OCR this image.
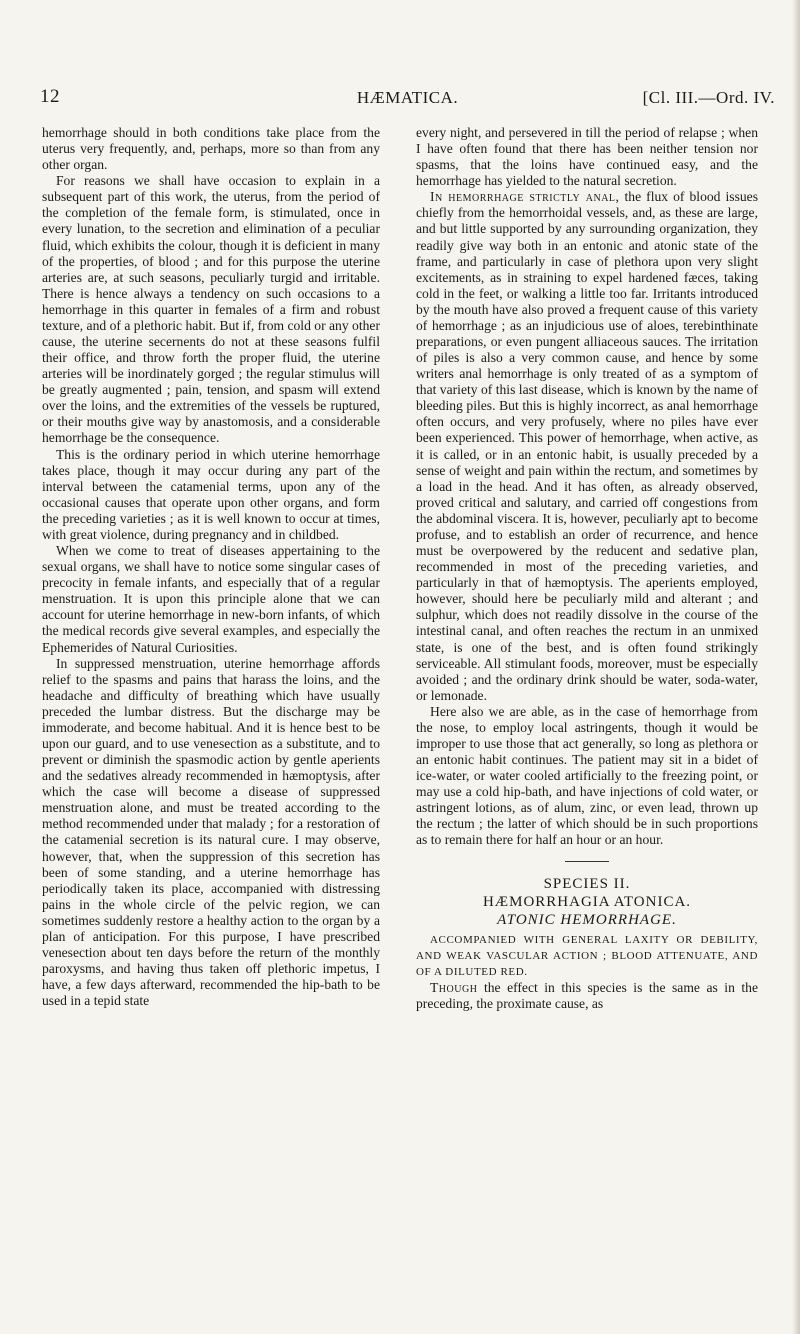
12	HÆMATICA.	[Cl. III.—Ord. IV.

hemorrhage should in both conditions take place from the uterus very frequently, and, perhaps, more so than from any other organ.

For reasons we shall have occasion to explain in a subsequent part of this work, the uterus, from the period of the completion of the female form, is stimulated, once in every lunation, to the secretion and elimination of a peculiar fluid, which exhibits the colour, though it is deficient in many of the properties, of blood ; and for this purpose the uterine arteries are, at such seasons, peculiarly turgid and irritable. There is hence always a tendency on such occasions to a hemorrhage in this quarter in females of a firm and robust texture, and of a plethoric habit. But if, from cold or any other cause, the uterine secernents do not at these seasons fulfil their office, and throw forth the proper fluid, the uterine arteries will be inordinately gorged ; the regular stimulus will be greatly augmented ; pain, tension, and spasm will extend over the loins, and the extremities of the vessels be ruptured, or their mouths give way by anastomosis, and a considerable hemorrhage be the consequence.

This is the ordinary period in which uterine hemorrhage takes place, though it may occur during any part of the interval between the catamenial terms, upon any of the occasional causes that operate upon other organs, and form the preceding varieties ; as it is well known to occur at times, with great violence, during pregnancy and in childbed.

When we come to treat of diseases appertaining to the sexual organs, we shall have to notice some singular cases of precocity in female infants, and especially that of a regular menstruation. It is upon this principle alone that we can account for uterine hemorrhage in new-born infants, of which the medical records give several examples, and especially the Ephemerides of Natural Curiosities.

In suppressed menstruation, uterine hemorrhage affords relief to the spasms and pains that harass the loins, and the headache and difficulty of breathing which have usually preceded the lumbar distress. But the discharge may be immoderate, and become habitual. And it is hence best to be upon our guard, and to use venesection as a substitute, and to prevent or diminish the spasmodic action by gentle aperients and the sedatives already recommended in hæmoptysis, after which the case will become a disease of suppressed menstruation alone, and must be treated according to the method recommended under that malady ; for a restoration of the catamenial secretion is its natural cure. I may observe, however, that, when the suppression of this secretion has been of some standing, and a uterine hemorrhage has periodically taken its place, accompanied with distressing pains in the whole circle of the pelvic region, we can sometimes suddenly restore a healthy action to the organ by a plan of anticipation. For this purpose, I have prescribed venesection about ten days before the return of the monthly paroxysms, and having thus taken off plethoric impetus, I have, a few days afterward, recommended the hip-bath to be used in a tepid state

every night, and persevered in till the period of relapse ; when I have often found that there has been neither tension nor spasms, that the loins have continued easy, and the hemorrhage has yielded to the natural secretion.

In hemorrhage strictly anal, the flux of blood issues chiefly from the hemorrhoidal vessels, and, as these are large, and but little supported by any surrounding organization, they readily give way both in an entonic and atonic state of the frame, and particularly in case of plethora upon very slight excitements, as in straining to expel hardened fæces, taking cold in the feet, or walking a little too far. Irritants introduced by the mouth have also proved a frequent cause of this variety of hemorrhage ; as an injudicious use of aloes, terebinthinate preparations, or even pungent alliaceous sauces. The irritation of piles is also a very common cause, and hence by some writers anal hemorrhage is only treated of as a symptom of that variety of this last disease, which is known by the name of bleeding piles. But this is highly incorrect, as anal hemorrhage often occurs, and very profusely, where no piles have ever been experienced. This power of hemorrhage, when active, as it is called, or in an entonic habit, is usually preceded by a sense of weight and pain within the rectum, and sometimes by a load in the head. And it has often, as already observed, proved critical and salutary, and carried off congestions from the abdominal viscera. It is, however, peculiarly apt to become profuse, and to establish an order of recurrence, and hence must be overpowered by the reducent and sedative plan, recommended in most of the preceding varieties, and particularly in that of hæmoptysis. The aperients employed, however, should here be peculiarly mild and alterant ; and sulphur, which does not readily dissolve in the course of the intestinal canal, and often reaches the rectum in an unmixed state, is one of the best, and is often found strikingly serviceable. All stimulant foods, moreover, must be especially avoided ; and the ordinary drink should be water, soda-water, or lemonade.

Here also we are able, as in the case of hemorrhage from the nose, to employ local astringents, though it would be improper to use those that act generally, so long as plethora or an entonic habit continues. The patient may sit in a bidet of ice-water, or water cooled artificially to the freezing point, or may use a cold hip-bath, and have injections of cold water, or astringent lotions, as of alum, zinc, or even lead, thrown up the rectum ; the latter of which should be in such proportions as to remain there for half an hour or an hour.

SPECIES II.
HÆMORRHAGIA ATONICA.
ATONIC HEMORRHAGE.

ACCOMPANIED WITH GENERAL LAXITY OR DEBILITY, AND WEAK VASCULAR ACTION ; BLOOD ATTENUATE, AND OF A DILUTED RED.

Though the effect in this species is the same as in the preceding, the proximate cause, as
